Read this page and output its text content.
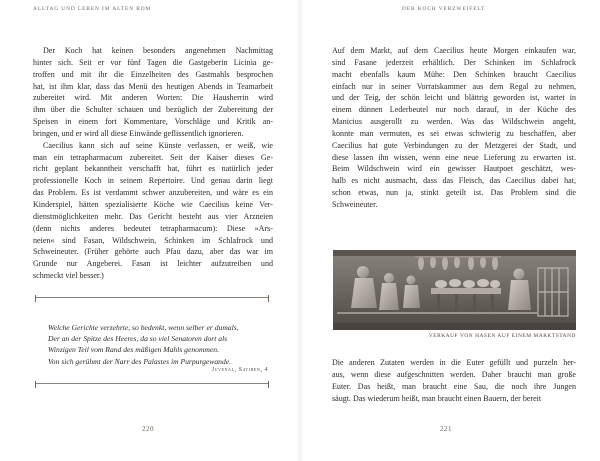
ALLTAG UND LEBEN IM ALTEN ROM
Der Koch hat keinen besonders angenehmen Nachmittag
hinter sich. Seit er vor fünf Tagen die Gastgeberin Licinia ge-
troffen und mit ihr die Einzelheiten des Gastmahls besprochen
hat, ist ihm klar, dass das Menü des heutigen Abends in Teamarbeit
zubereitet wird. Mit anderen Worten: Die Hausherrin wird
ihm über die Schulter schauen und bezüglich der Zubereitung der
Speisen in einem fort Kommentare, Vorschläge und Kritik an-
bringen, und er wird all diese Einwände geflissentlich ignorieren.
Caecilius kann sich auf seine Künste verlassen, er weiß, wie
man ein tetrapharmacum zubereitet. Seit der Kaiser dieses Ge-
richt geplant bekanntheit verschafft hat, führt es natürlich jeder
professionelle Koch in seinem Repertoire. Und genau darin liegt
das Problem. Es ist verdammt schwer anzubereiten, und wäre es ein
Kinderspiel, hätten spezialisierte Köche wie Caecilius keine Ver-
dienstmöglichkeiten mehr. Das Gericht besteht aus vier Arzneien
(denn nichts anderes bedeutet tetrapharmacum): Diese »Ars-
neien« sind Fasan, Wildschwein, Schinken im Schlafrock und
Schweineuter. (Früher gehörte auch Pfau dazu, aber das war im
Grunde nur Angeberei. Fasan ist leichter aufzutreiben und
schmeckt viel besser.)
Welche Gerichte verzehrte, so bedenkt, wenn selber er dumals,
Der an der Spitze des Heeres, da so viel Senatoren dort als
Winzigen Teil vom Rand des mäßigen Mahls genommen.
Von sich gerühmt der Narr des Palastes im Purpurgewande.
Juvenal, Satiren, 4
220
DER KOCH VERZWEIFELT
Auf dem Markt, auf dem Caecilius heute Morgen einkaufen war,
sind Fasane jederzeit erhältlich. Der Schinken im Schlafrock
macht ebenfalls kaum Mühe: Den Schinken braucht Caecilius
einfach nur in seiner Vorratskammer aus dem Regal zu nehmen,
und der Teig, der schön leicht und blättrig geworden ist, wartet in
einem dünnen Lederbeutel nur noch darauf, in der Küche des
Manicius ausgerollt zu werden. Was das Wildschwein angeht,
konnte man vermuten, es sei etwas schwierig zu beschaffen, aber
Caecilius hat gute Verbindungen zu der Metzgerei der Stadt, und
diese lassen ihn wissen, wenn eine neue Lieferung zu erwarten ist.
Beim Wildschwein wird ein gewisser Hautpoet geschätzt, wes-
halb es nicht ausmacht, dass das Fleisch, das Caecilius dabei hat,
schon etwas, nun ja, stinkt geteilt ist. Das Problem sind die
Schweineuter.
VERKAUF VON HASEN AUF EINEM MARKTSTAND
Die anderen Zutaten werden in die Euter gefüllt und purzeln her-
aus, wenn diese aufgeschnitten werden. Daher braucht man große
Euter. Das heißt, man braucht eine Sau, die noch ihre Jungen
säugt. Das wiederum heißt, man braucht einen Bauern, der bereit
221
